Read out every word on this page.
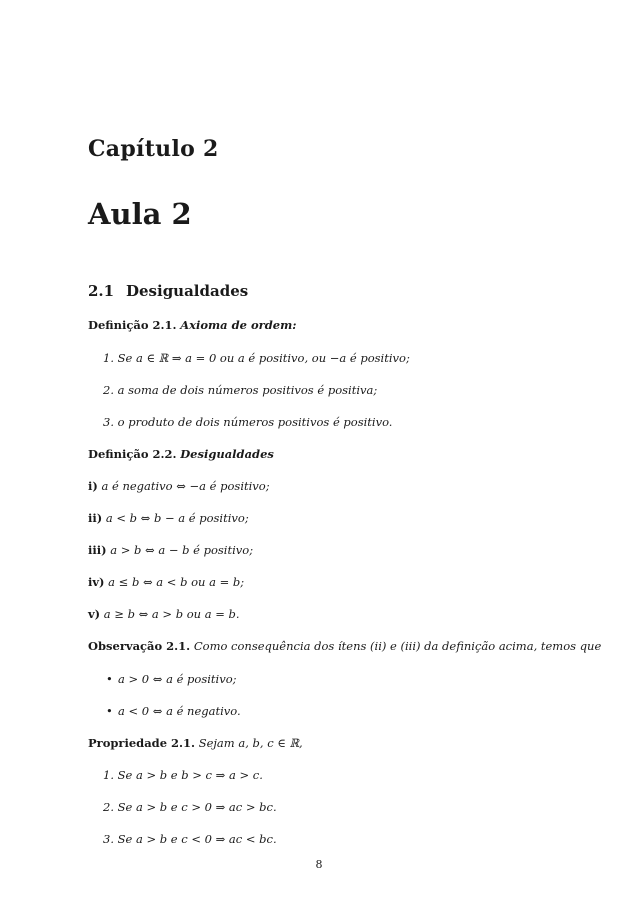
Capítulo 2
Aula 2
2.1 Desigualdades
Definição 2.1. Axioma de ordem:
1. Se a ∈ ℝ ⇒ a = 0 ou a é positivo, ou −a é positivo;
2. a soma de dois números positivos é positiva;
3. o produto de dois números positivos é positivo.
Definição 2.2. Desigualdades
i) a é negativo ⇔ −a é positivo;
ii) a < b ⇔ b − a é positivo;
iii) a > b ⇔ a − b é positivo;
iv) a ≤ b ⇔ a < b ou a = b;
v) a ≥ b ⇔ a > b ou a = b.
Observação 2.1. Como consequência dos ítens (ii) e (iii) da definição acima, temos que
• a > 0 ⇔ a é positivo;
• a < 0 ⇔ a é negativo.
Propriedade 2.1. Sejam a, b, c ∈ ℝ,
1. Se a > b e b > c ⇒ a > c.
2. Se a > b e c > 0 ⇒ ac > bc.
3. Se a > b e c < 0 ⇒ ac < bc.
8
